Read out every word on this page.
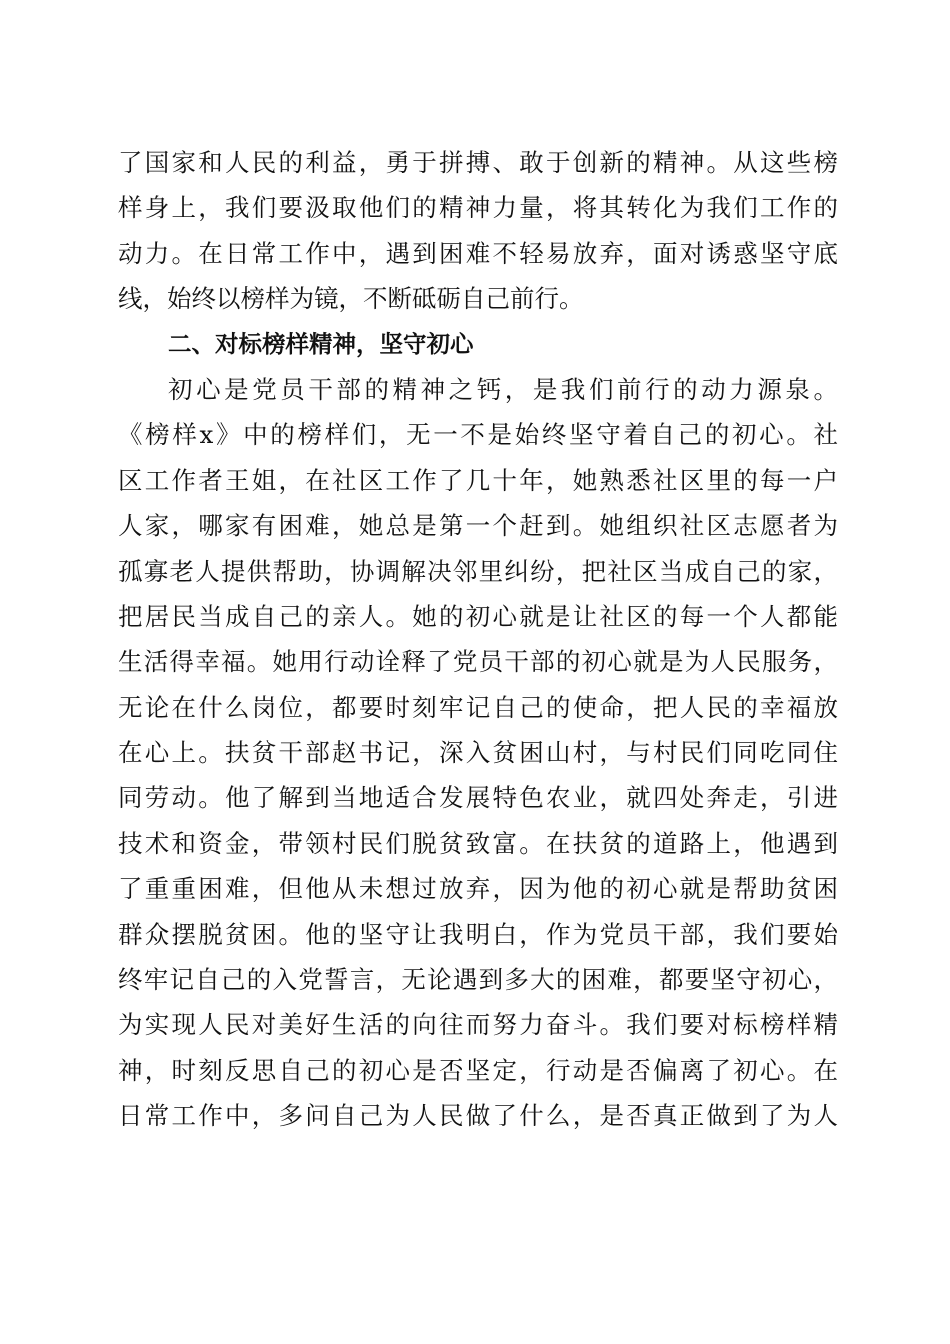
了国家和人民的利益，勇于拼搏、敢于创新的精神。从这些榜
样身上，我们要汲取他们的精神力量，将其转化为我们工作的
动力。在日常工作中，遇到困难不轻易放弃，面对诱惑坚守底
线，始终以榜样为镜，不断砥砺自己前行。
二、对标榜样精神，坚守初心
初心是党员干部的精神之钙，是我们前行的动力源泉。
《榜样x》中的榜样们，无一不是始终坚守着自己的初心。社
区工作者王姐，在社区工作了几十年，她熟悉社区里的每一户
人家，哪家有困难，她总是第一个赶到。她组织社区志愿者为
孤寡老人提供帮助，协调解决邻里纠纷，把社区当成自己的家，
把居民当成自己的亲人。她的初心就是让社区的每一个人都能
生活得幸福。她用行动诠释了党员干部的初心就是为人民服务，
无论在什么岗位，都要时刻牢记自己的使命，把人民的幸福放
在心上。扶贫干部赵书记，深入贫困山村，与村民们同吃同住
同劳动。他了解到当地适合发展特色农业，就四处奔走，引进
技术和资金，带领村民们脱贫致富。在扶贫的道路上，他遇到
了重重困难，但他从未想过放弃，因为他的初心就是帮助贫困
群众摆脱贫困。他的坚守让我明白，作为党员干部，我们要始
终牢记自己的入党誓言，无论遇到多大的困难，都要坚守初心，
为实现人民对美好生活的向往而努力奋斗。我们要对标榜样精
神，时刻反思自己的初心是否坚定，行动是否偏离了初心。在
日常工作中，多问自己为人民做了什么，是否真正做到了为人
